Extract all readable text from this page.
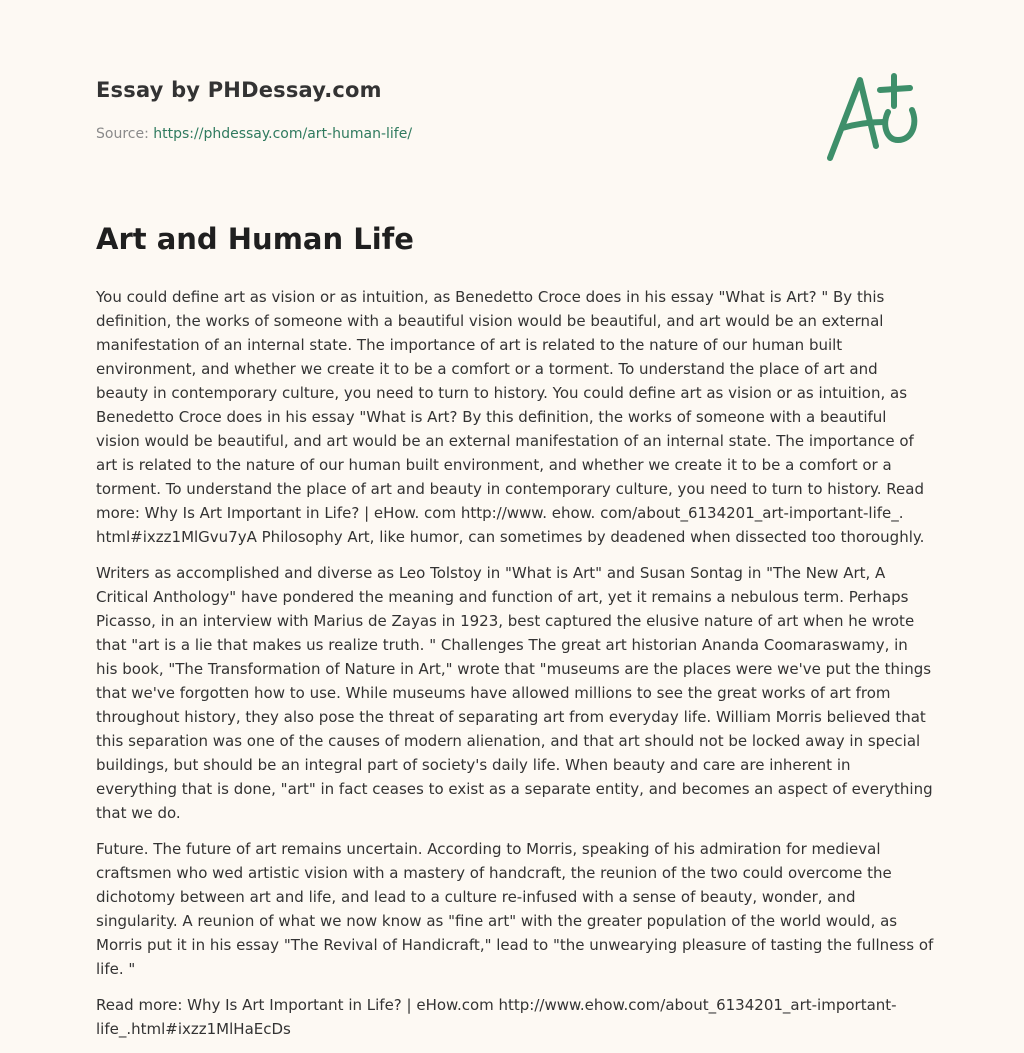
Essay by PHDessay.com
Source: https://phdessay.com/art-human-life/
Art and Human Life

You could define art as vision or as intuition, as Benedetto Croce does in his essay "What is Art? " By this definition, the works of someone with a beautiful vision would be beautiful, and art would be an external manifestation of an internal state. The importance of art is related to the nature of our human built environment, and whether we create it to be a comfort or a torment. To understand the place of art and beauty in contemporary culture, you need to turn to history. You could define art as vision or as intuition, as Benedetto Croce does in his essay "What is Art? By this definition, the works of someone with a beautiful vision would be beautiful, and art would be an external manifestation of an internal state. The importance of art is related to the nature of our human built environment, and whether we create it to be a comfort or a torment. To understand the place of art and beauty in contemporary culture, you need to turn to history. Read more: Why Is Art Important in Life? | eHow. com http://www. ehow. com/about_6134201_art-important-life_. html#ixzz1MlGvu7yA Philosophy Art, like humor, can sometimes by deadened when dissected too thoroughly.

Writers as accomplished and diverse as Leo Tolstoy in "What is Art" and Susan Sontag in "The New Art, A Critical Anthology" have pondered the meaning and function of art, yet it remains a nebulous term. Perhaps Picasso, in an interview with Marius de Zayas in 1923, best captured the elusive nature of art when he wrote that "art is a lie that makes us realize truth. " Challenges The great art historian Ananda Coomaraswamy, in his book, "The Transformation of Nature in Art," wrote that "museums are the places were we've put the things that we've forgotten how to use. While museums have allowed millions to see the great works of art from throughout history, they also pose the threat of separating art from everyday life. William Morris believed that this separation was one of the causes of modern alienation, and that art should not be locked away in special buildings, but should be an integral part of society's daily life. When beauty and care are inherent in everything that is done, "art" in fact ceases to exist as a separate entity, and becomes an aspect of everything that we do.

Future. The future of art remains uncertain. According to Morris, speaking of his admiration for medieval craftsmen who wed artistic vision with a mastery of handcraft, the reunion of the two could overcome the dichotomy between art and life, and lead to a culture re-infused with a sense of beauty, wonder, and singularity. A reunion of what we now know as "fine art" with the greater population of the world would, as Morris put it in his essay "The Revival of Handicraft," lead to "the unwearying pleasure of tasting the fullness of life. "

Read more: Why Is Art Important in Life? | eHow.com http://www.ehow.com/about_6134201_art-important-life_.html#ixzz1MlHaEcDs
